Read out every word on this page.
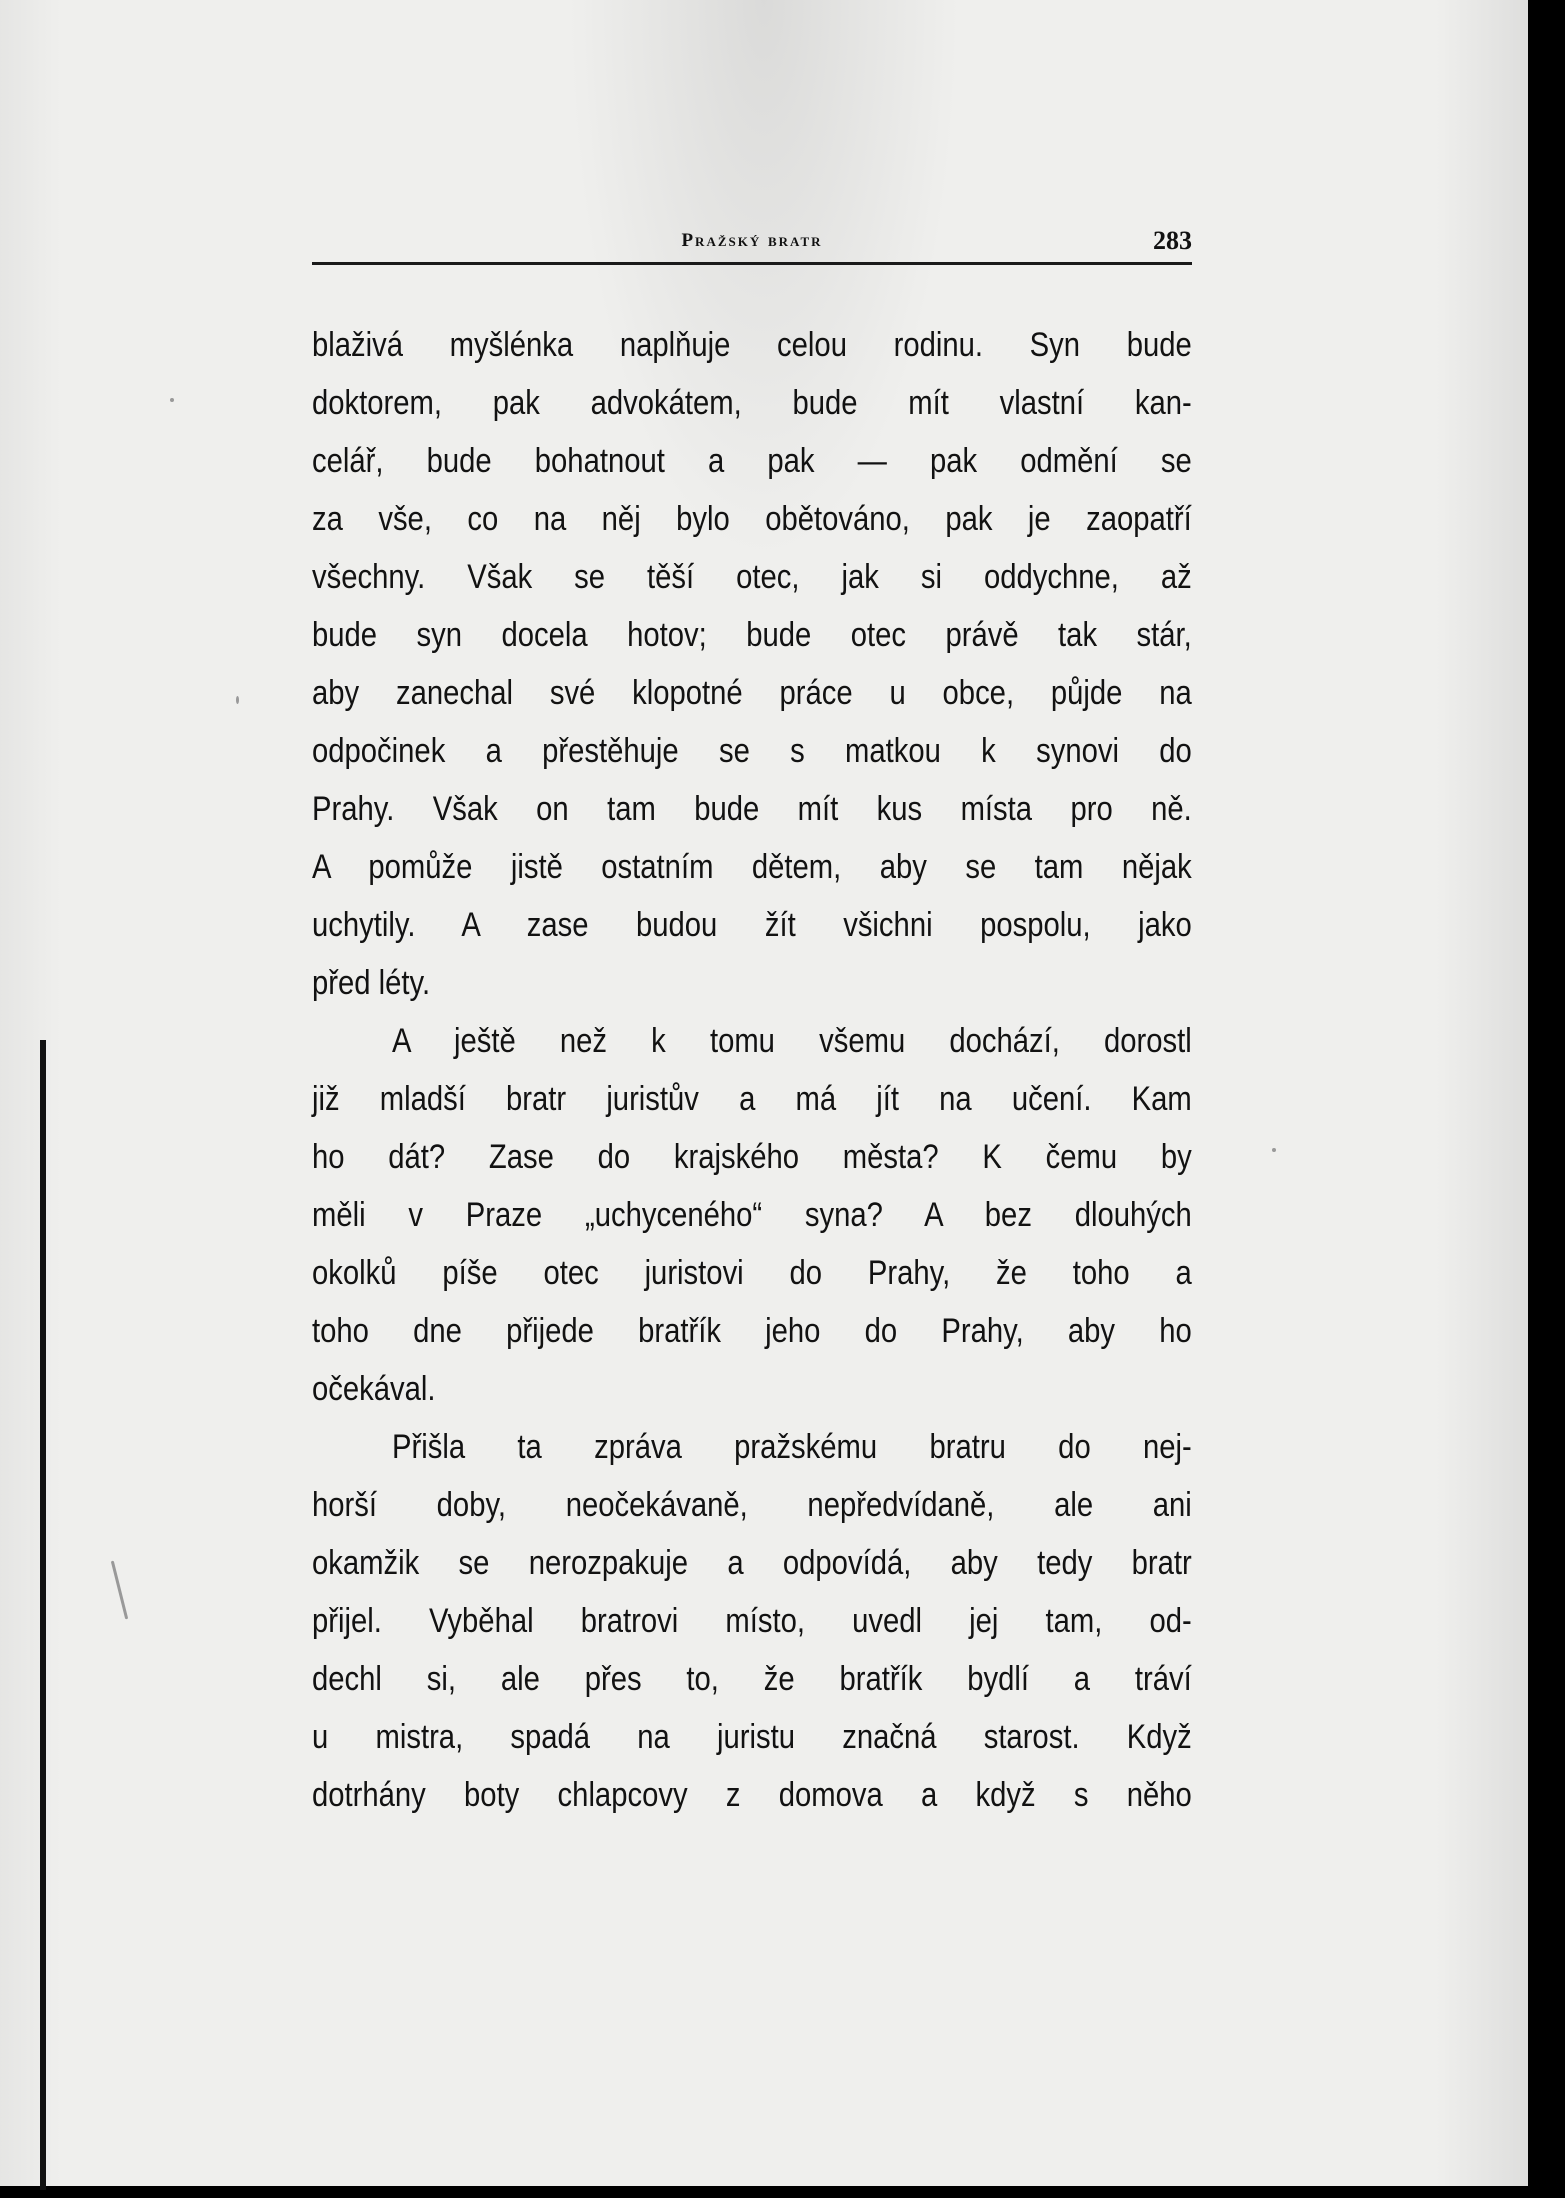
Pražský bratr	283
blaživá myšlénka naplňuje celou rodinu. Syn bude
doktorem, pak advokátem, bude mít vlastní kan-
celář, bude bohatnout a pak — pak odmění se
za vše, co na něj bylo obětováno, pak je zaopatří
všechny. Však se těší otec, jak si oddychne, až
bude syn docela hotov; bude otec právě tak stár,
aby zanechal své klopotné práce u obce, půjde na
odpočinek a přestěhuje se s matkou k synovi do
Prahy. Však on tam bude mít kus místa pro ně.
A pomůže jistě ostatním dětem, aby se tam nějak
uchytily. A zase budou žít všichni pospolu, jako
před léty.
A ještě než k tomu všemu dochází, dorostl
již mladší bratr juristův a má jít na učení. Kam
ho dát? Zase do krajského města? K čemu by
měli v Praze „uchyceného“ syna? A bez dlouhých
okolků píše otec juristovi do Prahy, že toho a
toho dne přijede bratřík jeho do Prahy, aby ho
očekával.
Přišla ta zpráva pražskému bratru do nej-
horší doby, neočekávaně, nepředvídaně, ale ani
okamžik se nerozpakuje a odpovídá, aby tedy bratr
přijel. Vyběhal bratrovi místo, uvedl jej tam, od-
dechl si, ale přes to, že bratřík bydlí a tráví
u mistra, spadá na juristu značná starost. Když
dotrhány boty chlapcovy z domova a když s něho
